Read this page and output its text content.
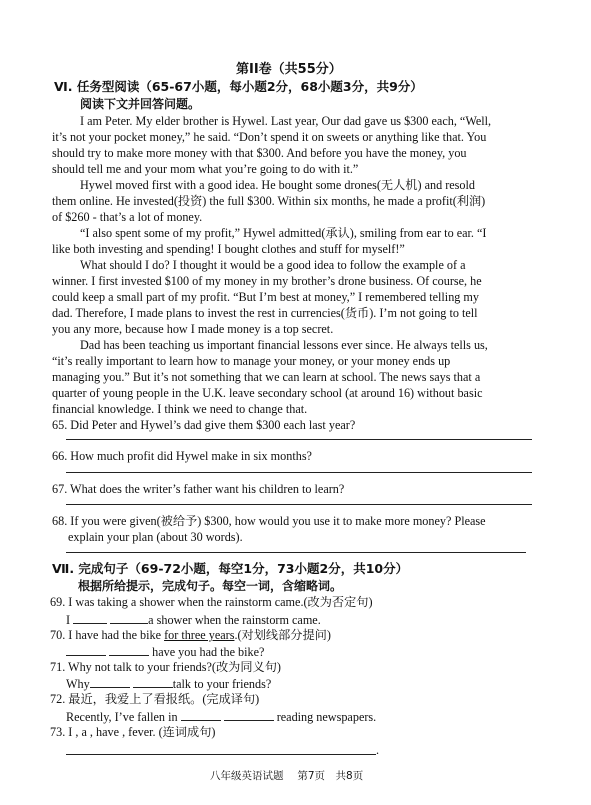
第II卷（共55分）
Ⅵ. 任务型阅读（65-67小题，每小题2分，68小题3分，共9分）
阅读下文并回答问题。
I am Peter. My elder brother is Hywel. Last year, Our dad gave us $300 each, “Well,
it’s not your pocket money,” he said. “Don’t spend it on sweets or anything like that. You
should try to make more money with that $300. And before you have the money, you
should tell me and your mom what you’re going to do with it.”
Hywel moved first with a good idea. He bought some drones(无人机) and resold
them online. He invested(投资) the full $300. Within six months, he made a profit(利润)
of $260 - that’s a lot of money.
“I also spent some of my profit,” Hywel admitted(承认), smiling from ear to ear. “I
like both investing and spending! I bought clothes and stuff for myself!”
What should I do? I thought it would be a good idea to follow the example of a
winner. I first invested $100 of my money in my brother’s drone business. Of course, he
could keep a small part of my profit. “But I’m best at money,” I remembered telling my
dad. Therefore, I made plans to invest the rest in currencies(货币). I’m not going to tell
you any more, because how I made money is a top secret.
Dad has been teaching us important financial lessons ever since. He always tells us,
“it’s really important to learn how to manage your money, or your money ends up
managing you.” But it’s not something that we can learn at school. The news says that a
quarter of young people in the U.K. leave secondary school (at around 16) without basic
financial knowledge. I think we need to change that.
65. Did Peter and Hywel’s dad give them $300 each last year?
66. How much profit did Hywel make in six months?
67. What does the writer’s father want his children to learn?
68. If you were given(被给予) $300, how would you use it to make more money? Please
explain your plan (about 30 words).
Ⅶ. 完成句子（69-72小题，每空1分，73小题2分，共10分）
根据所给提示，完成句子。每空一词，含缩略词。
69. I was taking a shower when the rainstorm came.(改为否定句)
I	a shower when the rainstorm came.
70. I have had the bike for three years.(对划线部分提问)
have you had the bike?
71. Why not talk to your friends?(改为同义句)
Why	talk to your friends?
72. 最近，我爱上了看报纸。(完成译句)
Recently, I’ve fallen in	reading newspapers.
73. I , a , have , fever. (连词成句)
.
八年级英语试题　 第7页　共8页
